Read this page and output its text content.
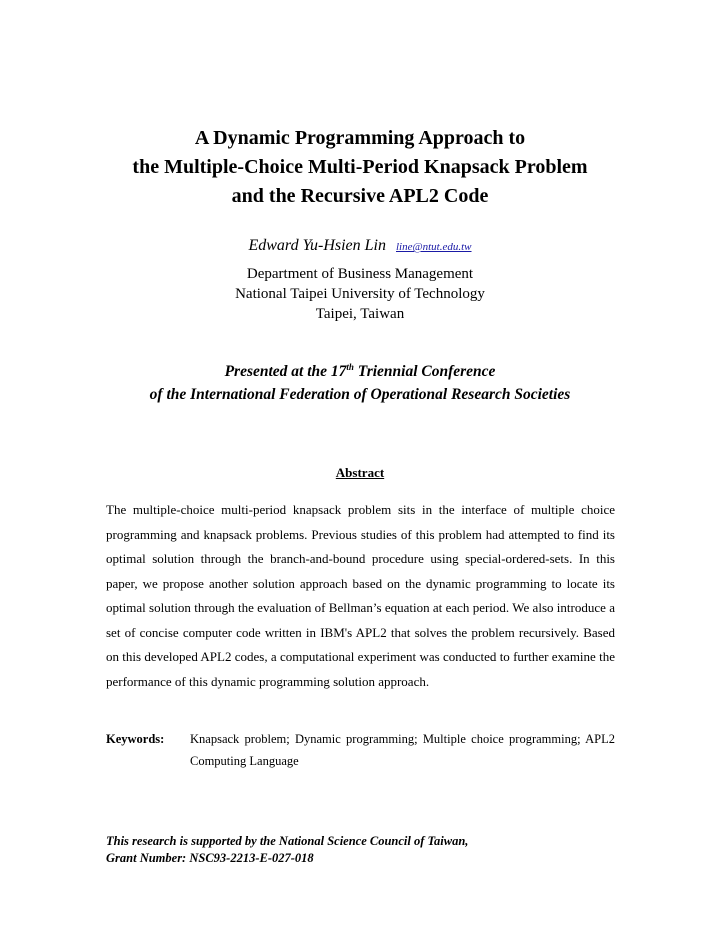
A Dynamic Programming Approach to
the Multiple-Choice Multi-Period Knapsack Problem
and the Recursive APL2 Code
Edward Yu-Hsien Lin line@ntut.edu.tw
Department of Business Management
National Taipei University of Technology
Taipei, Taiwan
Presented at the 17th Triennial Conference
of the International Federation of Operational Research Societies
Abstract

The multiple-choice multi-period knapsack problem sits in the interface of multiple choice programming and knapsack problems. Previous studies of this problem had attempted to find its optimal solution through the branch-and-bound procedure using special-ordered-sets. In this paper, we propose another solution approach based on the dynamic programming to locate its optimal solution through the evaluation of Bellman’s equation at each period. We also introduce a set of concise computer code written in IBM's APL2 that solves the problem recursively. Based on this developed APL2 codes, a computational experiment was conducted to further examine the performance of this dynamic programming solution approach.

Keywords: Knapsack problem; Dynamic programming; Multiple choice programming; APL2 Computing Language
This research is supported by the National Science Council of Taiwan,
Grant Number: NSC93-2213-E-027-018
